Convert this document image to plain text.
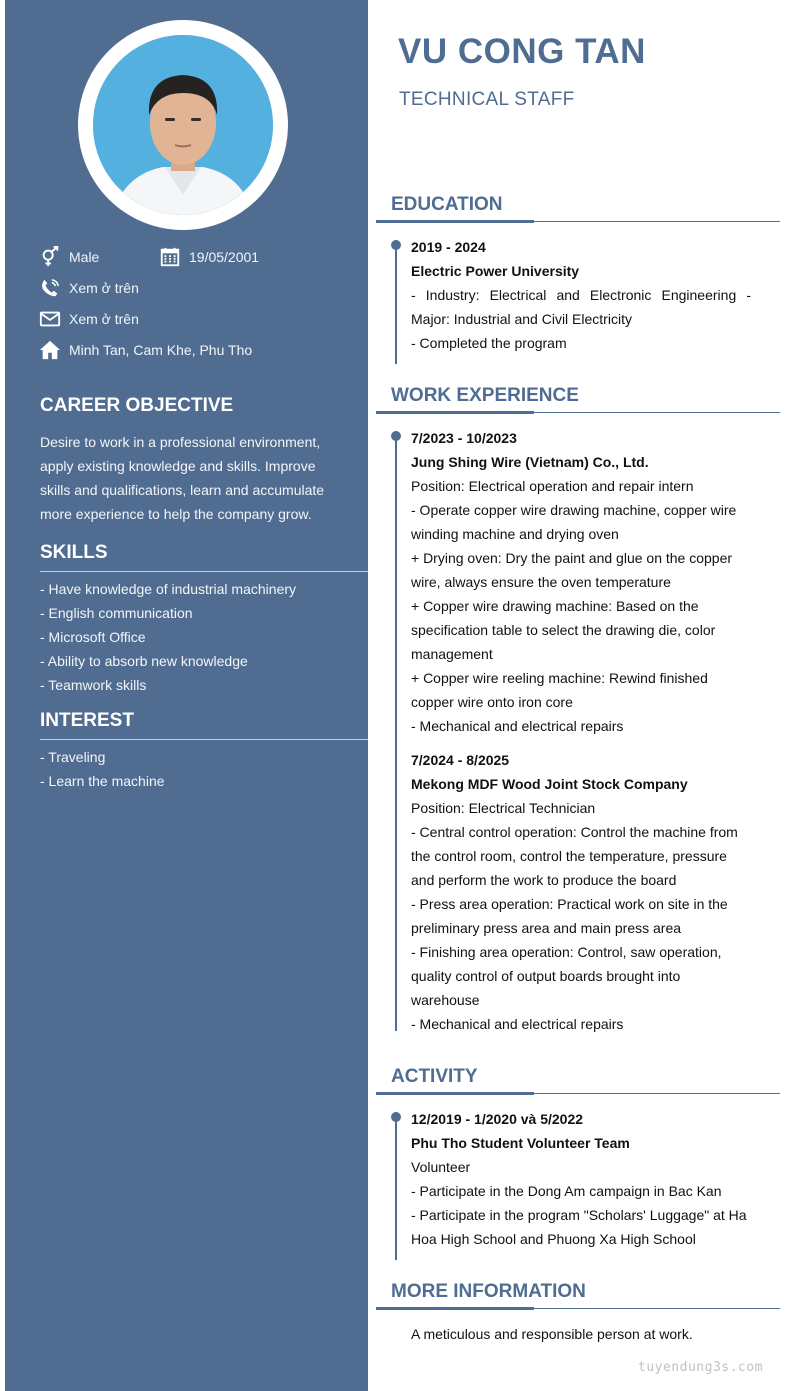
Male	19/05/2001
Xem ở trên
Xem ở trên
Minh Tan, Cam Khe, Phu Tho
CAREER OBJECTIVE
Desire to work in a professional environment, apply existing knowledge and skills. Improve skills and qualifications, learn and accumulate more experience to help the company grow.
SKILLS
- Have knowledge of industrial machinery
- English communication
- Microsoft Office
- Ability to absorb new knowledge
- Teamwork skills
INTEREST
- Traveling
- Learn the machine
VU CONG TAN
TECHNICAL STAFF
EDUCATION
2019 - 2024
Electric Power University
- Industry: Electrical and Electronic Engineering - Major: Industrial and Civil Electricity
- Completed the program
WORK EXPERIENCE
7/2023 - 10/2023
Jung Shing Wire (Vietnam) Co., Ltd.
Position: Electrical operation and repair intern
- Operate copper wire drawing machine, copper wire winding machine and drying oven
+ Drying oven: Dry the paint and glue on the copper wire, always ensure the oven temperature
+ Copper wire drawing machine: Based on the specification table to select the drawing die, color management
+ Copper wire reeling machine: Rewind finished copper wire onto iron core
- Mechanical and electrical repairs
7/2024 - 8/2025
Mekong MDF Wood Joint Stock Company
Position: Electrical Technician
- Central control operation: Control the machine from the control room, control the temperature, pressure and perform the work to produce the board
- Press area operation: Practical work on site in the preliminary press area and main press area
- Finishing area operation: Control, saw operation, quality control of output boards brought into warehouse
- Mechanical and electrical repairs
ACTIVITY
12/2019 - 1/2020 và 5/2022
Phu Tho Student Volunteer Team
Volunteer
- Participate in the Dong Am campaign in Bac Kan
- Participate in the program "Scholars' Luggage" at Ha Hoa High School and Phuong Xa High School
MORE INFORMATION
A meticulous and responsible person at work.
tuyendung3s.com
